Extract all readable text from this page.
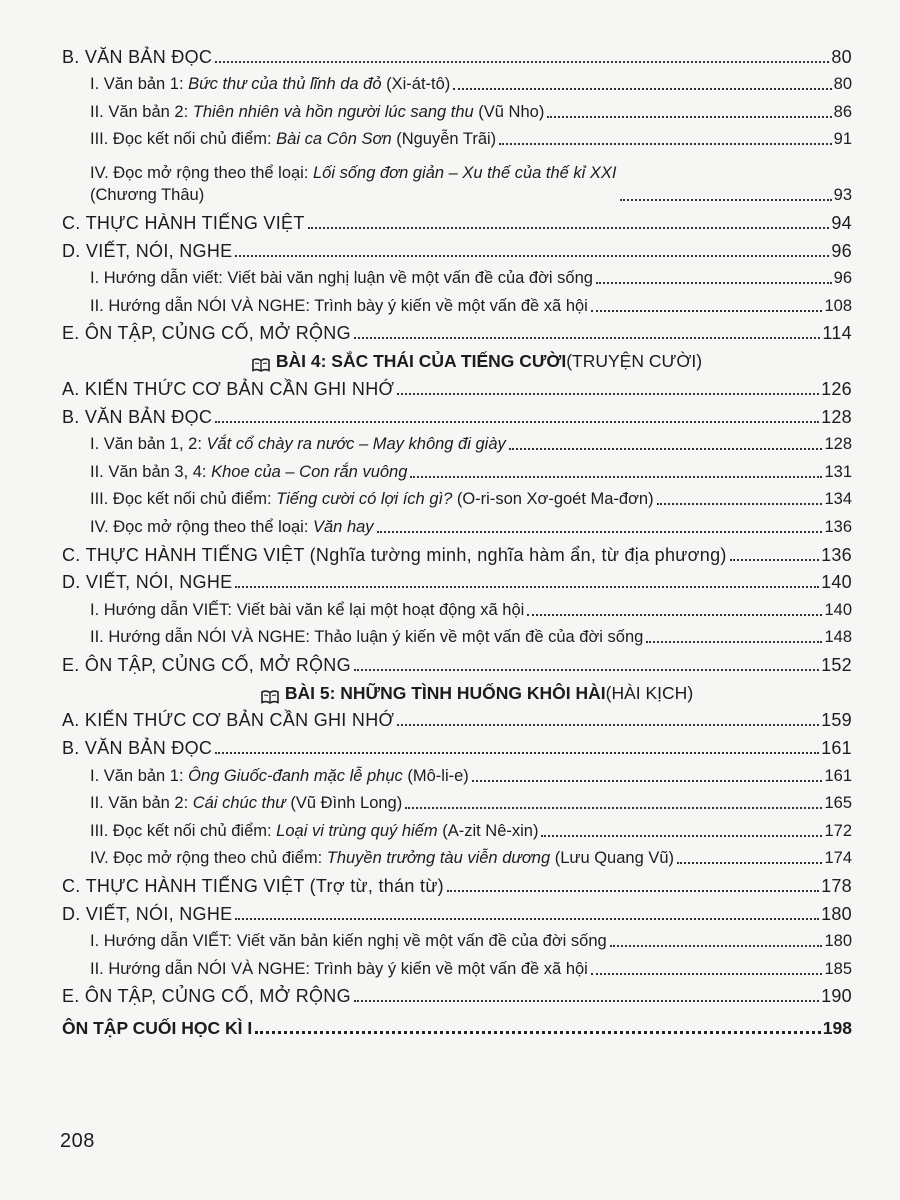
B. VĂN BẢN ĐỌC	80
I. Văn bản 1: Bức thư của thủ lĩnh da đỏ (Xi-át-tô)	80
II. Văn bản 2: Thiên nhiên và hồn người lúc sang thu (Vũ Nho)	86
III. Đọc kết nối chủ điểm: Bài ca Côn Sơn (Nguyễn Trãi)	91
IV. Đọc mở rộng theo thể loại: Lối sống đơn giản – Xu thế của thế kỉ XXI
(Chương Thâu)	93
C. THỰC HÀNH TIẾNG VIỆT	94
D. VIẾT, NÓI, NGHE	96
I. Hướng dẫn viết: Viết bài văn nghị luận về một vấn đề của đời sống	96
II. Hướng dẫn NÓI VÀ NGHE: Trình bày ý kiến về một vấn đề xã hội	108
E. ÔN TẬP, CỦNG CỐ, MỞ RỘNG	114
BÀI 4: SẮC THÁI CỦA TIẾNG CƯỜI (TRUYỆN CƯỜI)
A. KIẾN THỨC CƠ BẢN CẦN GHI NHỚ	126
B. VĂN BẢN ĐỌC	128
I. Văn bản 1, 2: Vắt cổ chày ra nước – May không đi giày	128
II. Văn bản 3, 4: Khoe của – Con rắn vuông	131
III. Đọc kết nối chủ điểm: Tiếng cười có lợi ích gì? (O-ri-son Xơ-goét Ma-đơn)	134
IV. Đọc mở rộng theo thể loại: Văn hay	136
C. THỰC HÀNH TIẾNG VIỆT (Nghĩa tường minh, nghĩa hàm ẩn, từ địa phương)	136
D. VIẾT, NÓI, NGHE	140
I. Hướng dẫn VIẾT: Viết bài văn kể lại một hoạt động xã hội	140
II. Hướng dẫn NÓI VÀ NGHE: Thảo luận ý kiến về một vấn đề của đời sống	148
E. ÔN TẬP, CỦNG CỐ, MỞ RỘNG	152
BÀI 5: NHỮNG TÌNH HUỐNG KHÔI HÀI (HÀI KỊCH)
A. KIẾN THỨC CƠ BẢN CẦN GHI NHỚ	159
B. VĂN BẢN ĐỌC	161
I. Văn bản 1: Ông Giuốc-đanh mặc lễ phục (Mô-li-e)	161
II. Văn bản 2: Cái chúc thư (Vũ Đình Long)	165
III. Đọc kết nối chủ điểm: Loại vi trùng quý hiếm (A-zit Nê-xin)	172
IV. Đọc mở rộng theo chủ điểm: Thuyền trưởng tàu viễn dương (Lưu Quang Vũ)	174
C. THỰC HÀNH TIẾNG VIỆT (Trợ từ, thán từ)	178
D. VIẾT, NÓI, NGHE	180
I. Hướng dẫn VIẾT: Viết văn bản kiến nghị về một vấn đề của đời sống	180
II. Hướng dẫn NÓI VÀ NGHE: Trình bày ý kiến về một vấn đề xã hội	185
E. ÔN TẬP, CỦNG CỐ, MỞ RỘNG	190
ÔN TẬP CUỐI HỌC KÌ I	198
208
